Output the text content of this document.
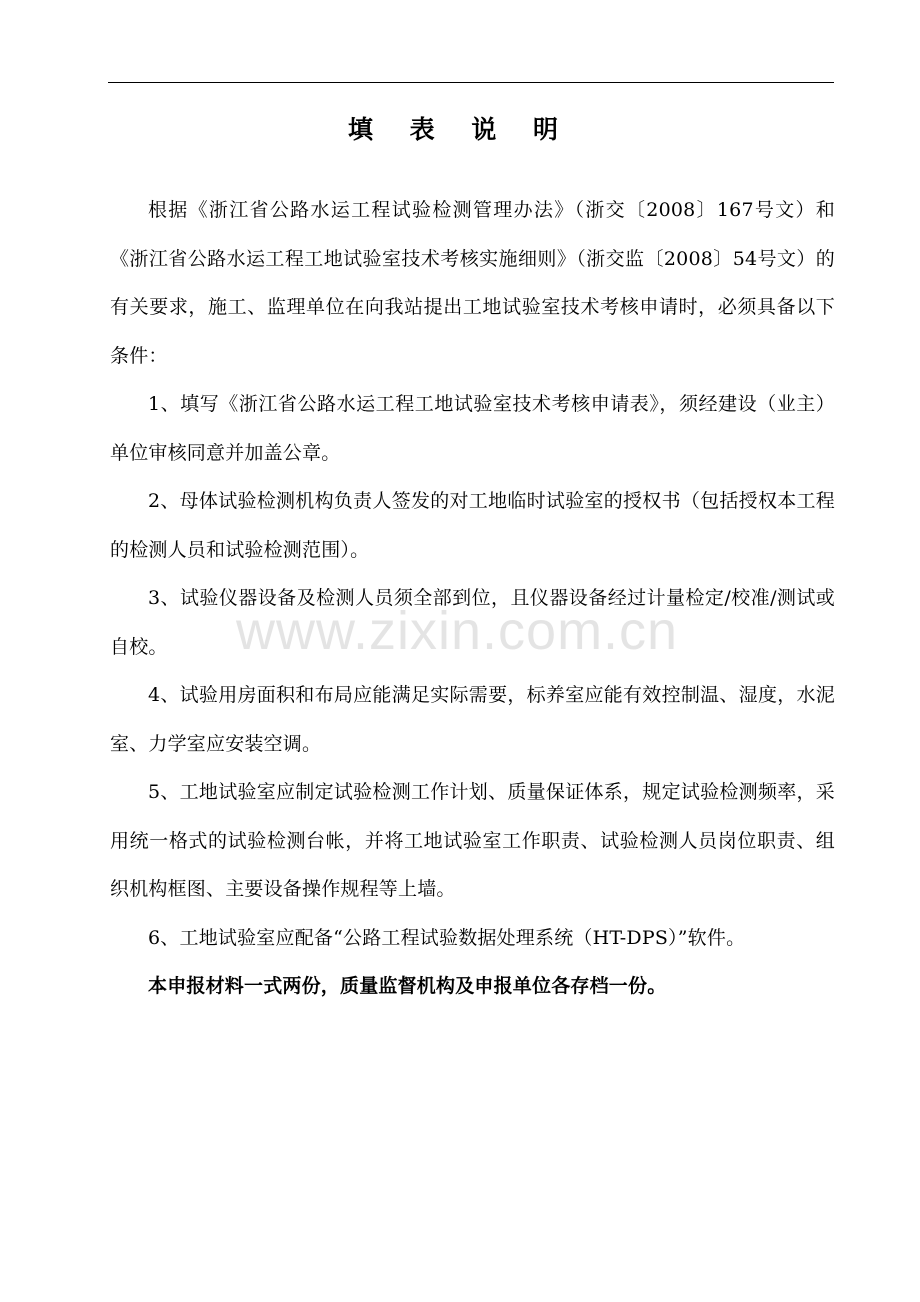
填 表 说 明

根据《浙江省公路水运工程试验检测管理办法》（浙交〔2008〕167号文）和《浙江省公路水运工程工地试验室技术考核实施细则》（浙交监〔2008〕54号文）的有关要求，施工、监理单位在向我站提出工地试验室技术考核申请时，必须具备以下条件：

1、填写《浙江省公路水运工程工地试验室技术考核申请表》，须经建设（业主）单位审核同意并加盖公章。

2、母体试验检测机构负责人签发的对工地临时试验室的授权书（包括授权本工程的检测人员和试验检测范围）。

3、试验仪器设备及检测人员须全部到位，且仪器设备经过计量检定/校准/测试或自校。

4、试验用房面积和布局应能满足实际需要，标养室应能有效控制温、湿度，水泥室、力学室应安装空调。

5、工地试验室应制定试验检测工作计划、质量保证体系，规定试验检测频率，采用统一格式的试验检测台帐，并将工地试验室工作职责、试验检测人员岗位职责、组织机构框图、主要设备操作规程等上墙。

6、工地试验室应配备“公路工程试验数据处理系统（HT-DPS）”软件。

本申报材料一式两份，质量监督机构及申报单位各存档一份。

www.zixin.com.cn
